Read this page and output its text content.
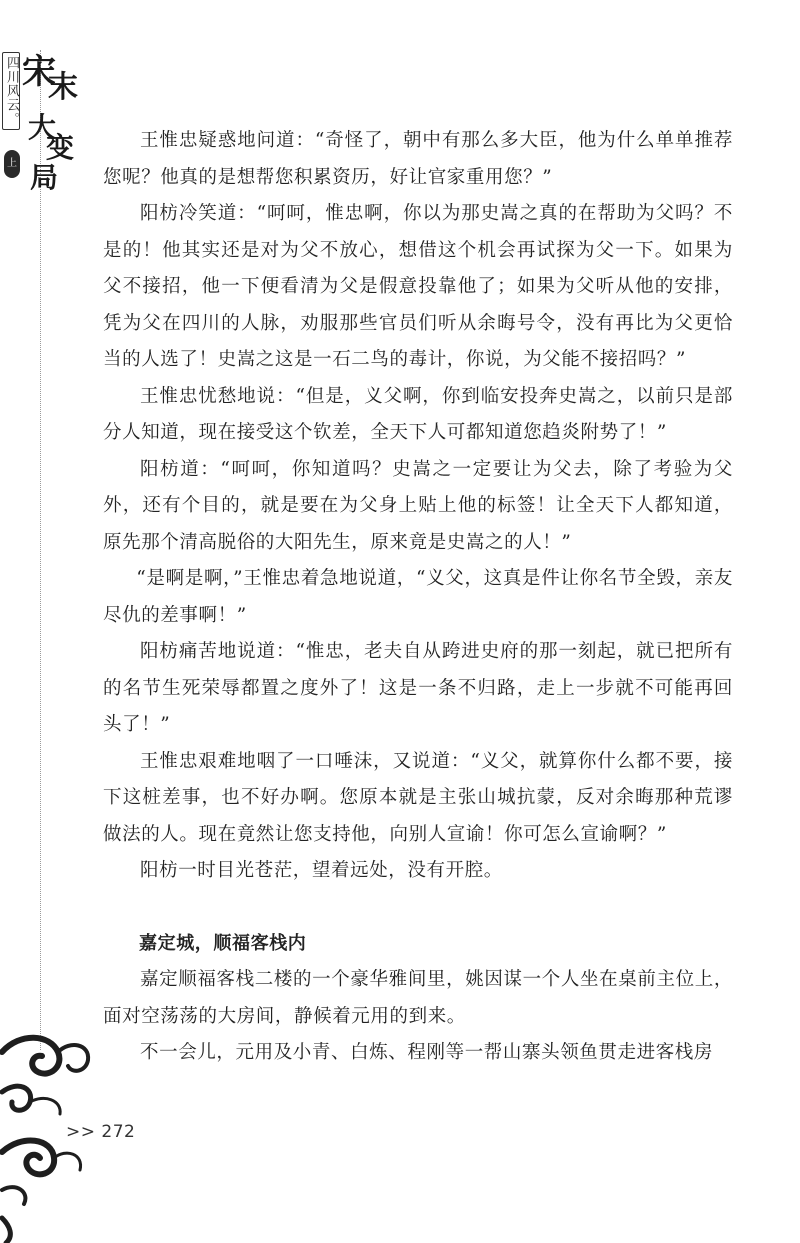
四川风云。
上
宋
末
大
变
局

王惟忠疑惑地问道：“奇怪了，朝中有那么多大臣，他为什么单单推荐您呢？他真的是想帮您积累资历，好让官家重用您？”

阳枋冷笑道：“呵呵，惟忠啊，你以为那史嵩之真的在帮助为父吗？不是的！他其实还是对为父不放心，想借这个机会再试探为父一下。如果为父不接招，他一下便看清为父是假意投靠他了；如果为父听从他的安排，凭为父在四川的人脉，劝服那些官员们听从余晦号令，没有再比为父更恰当的人选了！史嵩之这是一石二鸟的毒计，你说，为父能不接招吗？”

王惟忠忧愁地说：“但是，义父啊，你到临安投奔史嵩之，以前只是部分人知道，现在接受这个钦差，全天下人可都知道您趋炎附势了！”

阳枋道：“呵呵，你知道吗？史嵩之一定要让为父去，除了考验为父外，还有个目的，就是要在为父身上贴上他的标签！让全天下人都知道，原先那个清高脱俗的大阳先生，原来竟是史嵩之的人！”

“是啊是啊，”王惟忠着急地说道，“义父，这真是件让你名节全毁，亲友尽仇的差事啊！”

阳枋痛苦地说道：“惟忠，老夫自从跨进史府的那一刻起，就已把所有的名节生死荣辱都置之度外了！这是一条不归路，走上一步就不可能再回头了！”

王惟忠艰难地咽了一口唾沫，又说道：“义父，就算你什么都不要，接下这桩差事，也不好办啊。您原本就是主张山城抗蒙，反对余晦那种荒谬做法的人。现在竟然让您支持他，向别人宣谕！你可怎么宣谕啊？”

阳枋一时目光苍茫，望着远处，没有开腔。

嘉定城，顺福客栈内

嘉定顺福客栈二楼的一个豪华雅间里，姚因谋一个人坐在桌前主位上，面对空荡荡的大房间，静候着元用的到来。

不一会儿，元用及小青、白炼、程刚等一帮山寨头领鱼贯走进客栈房

>> 272
